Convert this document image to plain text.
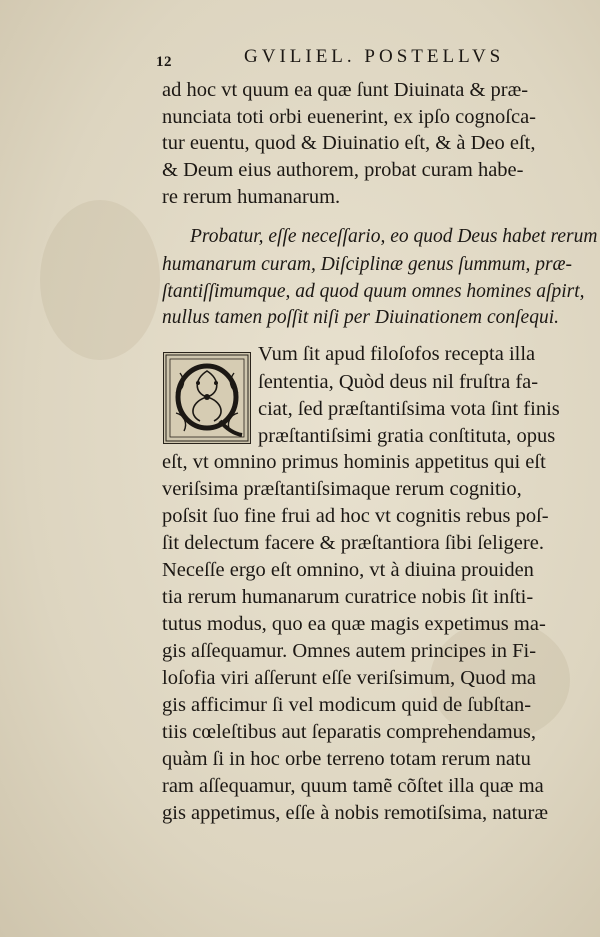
12	GVILIEL. POSTELLVS
ad hoc vt quum ea quæ ſunt Diuinata & præ-
nunciata toti orbi euenerint, ex ipſo cognoſca-
tur euentu, quod & Diuinatio eſt, & à Deo eſt,
& Deum eius authorem, probat curam habe-
re rerum humanarum.
Probatur, eſſe neceſſario, eo quod Deus habet rerum
humanarum curam, Diſciplinæ genus ſummum, præ-
ſtantiſſimumque, ad quod quum omnes homines aſpirt,
nullus tamen poſſit niſi per Diuinationem conſequi.
Vum ſit apud filoſofos recepta illa
ſententia, Quòd deus nil fruſtra fa-
ciat, ſed præſtantiſsima vota ſint finis
præſtantiſsimi gratia conſtituta, opus
eſt, vt omnino primus hominis appetitus qui eſt
veriſsima præſtantiſsimaque rerum cognitio,
poſsit ſuo fine frui ad hoc vt cognitis rebus poſ-
ſit delectum facere & præſtantiora ſibi ſeligere.
Neceſſe ergo eſt omnino, vt à diuina prouiden
tia rerum humanarum curatrice nobis ſit inſti-
tutus modus, quo ea quæ magis expetimus ma-
gis aſſequamur. Omnes autem principes in Fi-
loſofia viri aſſerunt eſſe veriſsimum, Quod ma
gis afficimur ſi vel modicum quid de ſubſtan-
tiis cœleſtibus aut ſeparatis comprehendamus,
quàm ſi in hoc orbe terreno totam rerum natu
ram aſſequamur, quum tamẽ cõſtet illa quæ ma
gis appetimus, eſſe à nobis remotiſsima, naturæ
